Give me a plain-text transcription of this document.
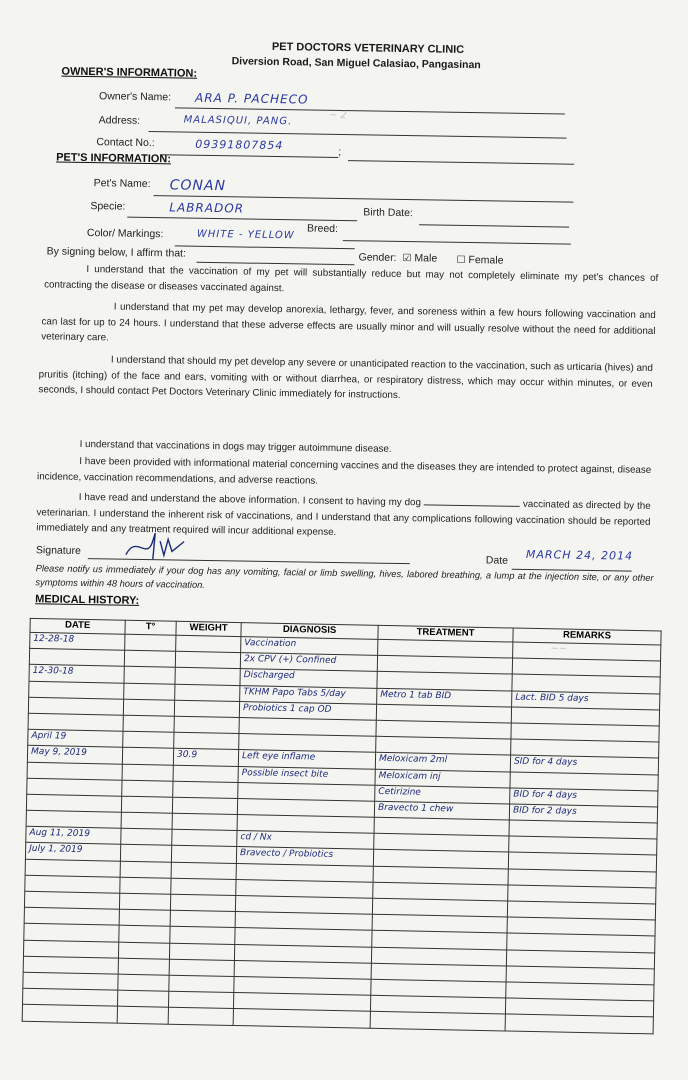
PET DOCTORS VETERINARY CLINIC
Diversion Road, San Miguel Calasiao, Pangasinan
OWNER'S INFORMATION:
Owner's Name: ARA P. PACHECO
Address:	MALASIQUI, PANG.
Contact No.:	09391807854	;
PET'S INFORMATION:
Pet's Name: CONAN
Specie:	LABRADOR	Birth Date:
Breed:
Color/ Markings:	WHITE - YELLOW
By signing below, I affirm that:	Gender: ☑ Male ☐ Female
I understand that the vaccination of my pet will substantially reduce but may not completely eliminate my pet's chances of contracting the disease or diseases vaccinated against.
I understand that my pet may develop anorexia, lethargy, fever, and soreness within a few hours following vaccination and can last for up to 24 hours. I understand that these adverse effects are usually minor and will usually resolve without the need for additional veterinary care.
I understand that should my pet develop any severe or unanticipated reaction to the vaccination, such as urticaria (hives) and pruritis (itching) of the face and ears, vomiting with or without diarrhea, or respiratory distress, which may occur within minutes, or even seconds, I should contact Pet Doctors Veterinary Clinic immediately for instructions.
I understand that vaccinations in dogs may trigger autoimmune disease.
I have been provided with informational material concerning vaccines and the diseases they are intended to protect against, disease incidence, vaccination recommendations, and adverse reactions.
I have read and understand the above information. I consent to having my dog	vaccinated as directed by the veterinarian. I understand the inherent risk of vaccinations, and I understand that any complications following vaccination should be reported immediately and any treatment required will incur additional expense.
Signature
Date MARCH 24, 2014
Please notify us immediately if your dog has any vomiting, facial or limb swelling, hives, labored breathing, a lump at the injection site, or any other symptoms within 48 hours of vaccination.
MEDICAL HISTORY:
DATE	T°	WEIGHT	DIAGNOSIS	TREATMENT	REMARKS
12-28-18			Vaccination		
			2x CPV (+) Confined		
12-30-18			Discharged		
			TKHM Papo Tabs 5/day	Metro 1 tab BID	Lact. BID 5 days
			Probiotics 1 cap OD		

April 19					
May 9, 2019		30.9	Left eye inflame	Meloxicam 2ml	SID for 4 days
			Possible insect bite	Meloxicam inj	
				Cetirizine	BID for 4 days
				Bravecto 1 chew	BID for 2 days

Aug 11, 2019			cd / Nx		
July 1, 2019			Bravecto / Probiotics		

~ 2
~~
